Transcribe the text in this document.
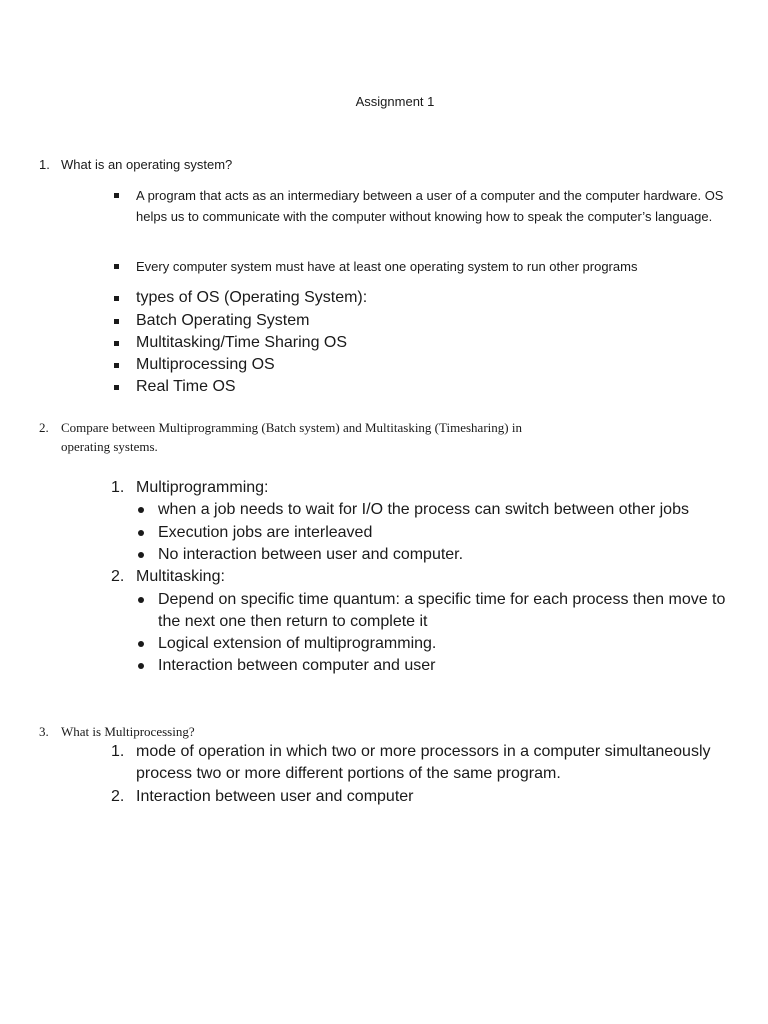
Assignment 1
1. What is an operating system?
A program that acts as an intermediary between a user of a computer and the computer hardware. OS helps us to communicate with the computer without knowing how to speak the computer’s language.
Every computer system must have at least one operating system to run other programs
types of OS (Operating System):
Batch Operating System
Multitasking/Time Sharing OS
Multiprocessing OS
Real Time OS
2. Compare between Multiprogramming (Batch system) and Multitasking (Timesharing) in
operating systems.
1. Multiprogramming:
when a job needs to wait for I/O the process can switch between other jobs
Execution jobs are interleaved
No interaction between user and computer.
2. Multitasking:
Depend on specific time quantum: a specific time for each process then move to the next one then return to complete it
Logical extension of multiprogramming.
Interaction between computer and user
3. What is Multiprocessing?
1. mode of operation in which two or more processors in a computer simultaneously process two or more different portions of the same program.
2. Interaction between user and computer
